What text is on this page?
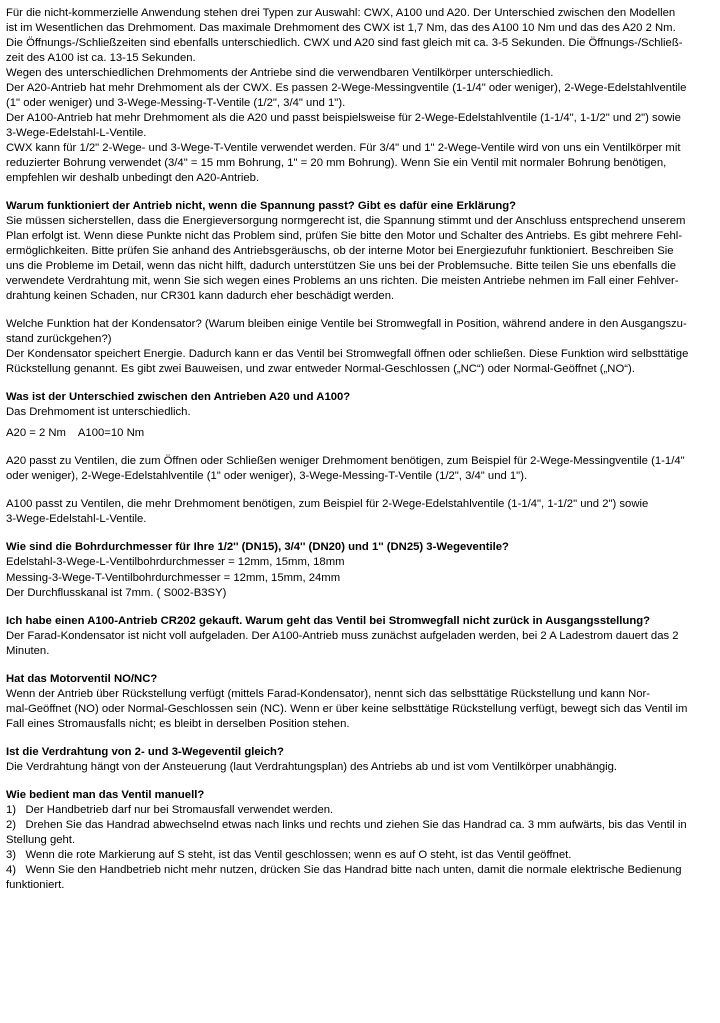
Für die nicht-kommerzielle Anwendung stehen drei Typen zur Auswahl: CWX, A100 und A20. Der Unterschied zwischen den Modellen

ist im Wesentlichen das Drehmoment. Das maximale Drehmoment des CWX ist 1,7 Nm, das des A100 10 Nm und das des A20 2 Nm.

Die Öffnungs-/Schließzeiten sind ebenfalls unterschiedlich. CWX und A20 sind fast gleich mit ca. 3-5 Sekunden. Die Öffnungs-/Schließ-

zeit des A100 ist ca. 13-15 Sekunden.

Wegen des unterschiedlichen Drehmoments der Antriebe sind die verwendbaren Ventilkörper unterschiedlich.

Der A20-Antrieb hat mehr Drehmoment als der CWX. Es passen 2-Wege-Messingventile (1-1/4" oder weniger), 2-Wege-Edelstahlventile

(1" oder weniger) und 3-Wege-Messing-T-Ventile (1/2", 3/4" und 1").

Der A100-Antrieb hat mehr Drehmoment als die A20 und passt beispielsweise für 2-Wege-Edelstahlventile (1-1/4", 1-1/2" und 2") sowie

3-Wege-Edelstahl-L-Ventile.

CWX kann für 1/2" 2-Wege- und 3-Wege-T-Ventile verwendet werden. Für 3/4" und 1" 2-Wege-Ventile wird von uns ein Ventilkörper mit

reduzierter Bohrung verwendet (3/4" = 15 mm Bohrung, 1" = 20 mm Bohrung). Wenn Sie ein Ventil mit normaler Bohrung benötigen,

empfehlen wir deshalb unbedingt den A20-Antrieb.

Warum funktioniert der Antrieb nicht, wenn die Spannung passt? Gibt es dafür eine Erklärung?

Sie müssen sicherstellen, dass die Energieversorgung normgerecht ist, die Spannung stimmt und der Anschluss entsprechend unserem

Plan erfolgt ist. Wenn diese Punkte nicht das Problem sind, prüfen Sie bitte den Motor und Schalter des Antriebs. Es gibt mehrere Fehl-

ermöglichkeiten. Bitte prüfen Sie anhand des Antriebsgeräuschs, ob der interne Motor bei Energiezufuhr funktioniert. Beschreiben Sie

uns die Probleme im Detail, wenn das nicht hilft, dadurch unterstützen Sie uns bei der Problemsuche. Bitte teilen Sie uns ebenfalls die

verwendete Verdrahtung mit, wenn Sie sich wegen eines Problems an uns richten. Die meisten Antriebe nehmen im Fall einer Fehlver-

drahtung keinen Schaden, nur CR301 kann dadurch eher beschädigt werden.

Welche Funktion hat der Kondensator? (Warum bleiben einige Ventile bei Stromwegfall in Position, während andere in den Ausgangszu-

stand zurückgehen?)

Der Kondensator speichert Energie. Dadurch kann er das Ventil bei Stromwegfall öffnen oder schließen. Diese Funktion wird selbsttätige

Rückstellung genannt. Es gibt zwei Bauweisen, und zwar entweder Normal-Geschlossen („NC“) oder Normal-Geöffnet („NO“).

Was ist der Unterschied zwischen den Antrieben A20 und A100?

Das Drehmoment ist unterschiedlich.

A20 = 2 Nm    A100=10 Nm

A20 passt zu Ventilen, die zum Öffnen oder Schließen weniger Drehmoment benötigen, zum Beispiel für 2-Wege-Messingventile (1-1/4"

oder weniger), 2-Wege-Edelstahlventile (1" oder weniger), 3-Wege-Messing-T-Ventile (1/2", 3/4" und 1").

A100 passt zu Ventilen, die mehr Drehmoment benötigen, zum Beispiel für 2-Wege-Edelstahlventile (1-1/4", 1-1/2" und 2") sowie

3-Wege-Edelstahl-L-Ventile.

Wie sind die Bohrdurchmesser für Ihre 1/2'' (DN15), 3/4'' (DN20) und 1'' (DN25) 3-Wegeventile?

Edelstahl-3-Wege-L-Ventilbohrdurchmesser = 12mm, 15mm, 18mm

Messing-3-Wege-T-Ventilbohrdurchmesser = 12mm, 15mm, 24mm

Der Durchflusskanal ist 7mm. ( S002-B3SY)

Ich habe einen A100-Antrieb CR202 gekauft. Warum geht das Ventil bei Stromwegfall nicht zurück in Ausgangsstellung?

Der Farad-Kondensator ist nicht voll aufgeladen. Der A100-Antrieb muss zunächst aufgeladen werden, bei 2 A Ladestrom dauert das 2

Minuten.

Hat das Motorventil NO/NC?

Wenn der Antrieb über Rückstellung verfügt (mittels Farad-Kondensator), nennt sich das selbsttätige Rückstellung und kann Nor-

mal-Geöffnet (NO) oder Normal-Geschlossen sein (NC). Wenn er über keine selbsttätige Rückstellung verfügt, bewegt sich das Ventil im

Fall eines Stromausfalls nicht; es bleibt in derselben Position stehen.

Ist die Verdrahtung von 2- und 3-Wegeventil gleich?

Die Verdrahtung hängt von der Ansteuerung (laut Verdrahtungsplan) des Antriebs ab und ist vom Ventilkörper unabhängig.

Wie bedient man das Ventil manuell?

1)   Der Handbetrieb darf nur bei Stromausfall verwendet werden.

2)   Drehen Sie das Handrad abwechselnd etwas nach links und rechts und ziehen Sie das Handrad ca. 3 mm aufwärts, bis das Ventil in

Stellung geht.

3)   Wenn die rote Markierung auf S steht, ist das Ventil geschlossen; wenn es auf O steht, ist das Ventil geöffnet.

4)   Wenn Sie den Handbetrieb nicht mehr nutzen, drücken Sie das Handrad bitte nach unten, damit die normale elektrische Bedienung

funktioniert.
